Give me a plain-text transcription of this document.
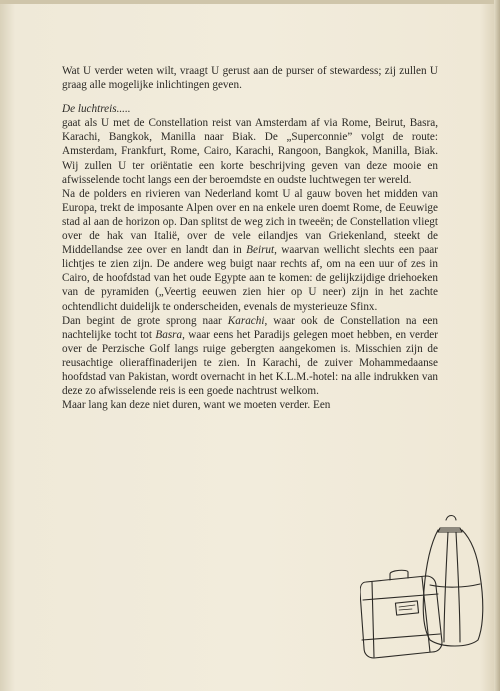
Wat U verder weten wilt, vraagt U gerust aan de purser of stewardess; zij zullen U graag alle mogelijke inlichtingen geven.

De luchtreis.....

gaat als U met de Constellation reist van Amsterdam af via Rome, Beirut, Basra, Karachi, Bangkok, Manilla naar Biak. De „Superconnie” volgt de route: Amsterdam, Frankfurt, Rome, Cairo, Karachi, Rangoon, Bangkok, Manilla, Biak. Wij zullen U ter oriëntatie een korte beschrijving geven van deze mooie en afwisselende tocht langs een der beroemdste en oudste luchtwegen ter wereld.

Na de polders en rivieren van Nederland komt U al gauw boven het midden van Europa, trekt de imposante Alpen over en na enkele uren doemt Rome, de Eeuwige stad al aan de horizon op. Dan splitst de weg zich in tweeën; de Constellation vliegt over de hak van Italië, over de vele eilandjes van Griekenland, steekt de Middellandse zee over en landt dan in Beirut, waarvan wellicht slechts een paar lichtjes te zien zijn. De andere weg buigt naar rechts af, om na een uur of zes in Cairo, de hoofdstad van het oude Egypte aan te komen: de gelijkzijdige driehoeken van de pyramiden („Veertig eeuwen zien hier op U neer) zijn in het zachte ochtendlicht duidelijk te onderscheiden, evenals de mysterieuze Sfinx.

Dan begint de grote sprong naar Karachi, waar ook de Constellation na een nachtelijke tocht tot Basra, waar eens het Paradijs gelegen moet hebben, en verder over de Perzische Golf langs ruige gebergten aangekomen is. Misschien zijn de reusachtige olieraffinaderijen te zien. In Karachi, de zuiver Mohammedaanse hoofdstad van Pakistan, wordt overnacht in het K.L.M.-hotel: na alle indrukken van deze zo afwisselende reis is een goede nachtrust welkom.

Maar lang kan deze niet duren, want we moeten verder. Een
